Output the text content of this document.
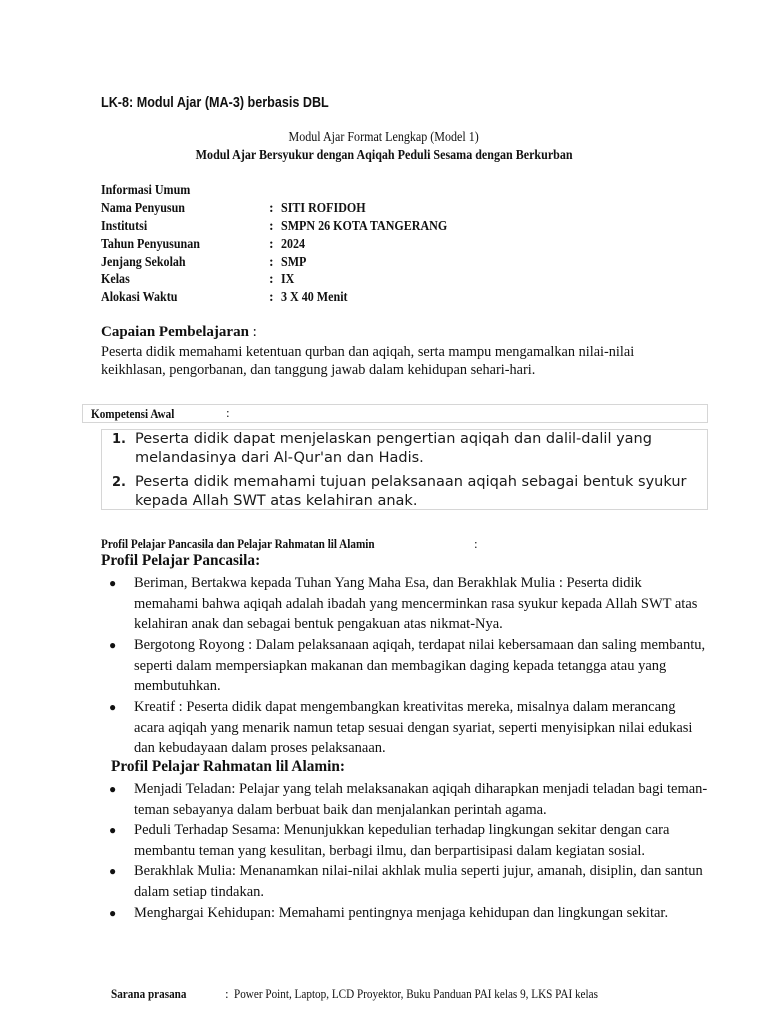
LK-8: Modul Ajar (MA-3) berbasis DBL
Modul Ajar Format Lengkap (Model 1)
Modul Ajar Bersyukur dengan Aqiqah Peduli Sesama dengan Berkurban
Informasi Umum
Nama Penyusun	: SITI ROFIDOH
Institutsi	: SMPN 26 KOTA TANGERANG
Tahun Penyusunan	: 2024
Jenjang Sekolah	: SMP
Kelas	: IX
Alokasi Waktu	: 3 X 40 Menit
Capaian Pembelajaran :
Peserta didik memahami ketentuan qurban dan aqiqah, serta mampu mengamalkan nilai-nilai keikhlasan, pengorbanan, dan tanggung jawab dalam kehidupan sehari-hari.
Kompetensi Awal	:
1. Peserta didik dapat menjelaskan pengertian aqiqah dan dalil-dalil yang melandasinya dari Al-Qur'an dan Hadis.
2. Peserta didik memahami tujuan pelaksanaan aqiqah sebagai bentuk syukur kepada Allah SWT atas kelahiran anak.
Profil Pelajar Pancasila dan Pelajar Rahmatan lil Alamin	:
Profil Pelajar Pancasila:
● Beriman, Bertakwa kepada Tuhan Yang Maha Esa, dan Berakhlak Mulia : Peserta didik memahami bahwa aqiqah adalah ibadah yang mencerminkan rasa syukur kepada Allah SWT atas kelahiran anak dan sebagai bentuk pengakuan atas nikmat-Nya.
● Bergotong Royong : Dalam pelaksanaan aqiqah, terdapat nilai kebersamaan dan saling membantu, seperti dalam mempersiapkan makanan dan membagikan daging kepada tetangga atau yang membutuhkan.
● Kreatif : Peserta didik dapat mengembangkan kreativitas mereka, misalnya dalam merancang acara aqiqah yang menarik namun tetap sesuai dengan syariat, seperti menyisipkan nilai edukasi dan kebudayaan dalam proses pelaksanaan.
Profil Pelajar Rahmatan lil Alamin:
● Menjadi Teladan: Pelajar yang telah melaksanakan aqiqah diharapkan menjadi teladan bagi teman-teman sebayanya dalam berbuat baik dan menjalankan perintah agama.
● Peduli Terhadap Sesama: Menunjukkan kepedulian terhadap lingkungan sekitar dengan cara membantu teman yang kesulitan, berbagi ilmu, dan berpartisipasi dalam kegiatan sosial.
● Berakhlak Mulia: Menanamkan nilai-nilai akhlak mulia seperti jujur, amanah, disiplin, dan santun dalam setiap tindakan.
● Menghargai Kehidupan: Memahami pentingnya menjaga kehidupan dan lingkungan sekitar.
Sarana prasana	: Power Point, Laptop, LCD Proyektor, Buku Panduan PAI kelas 9, LKS PAI kelas
